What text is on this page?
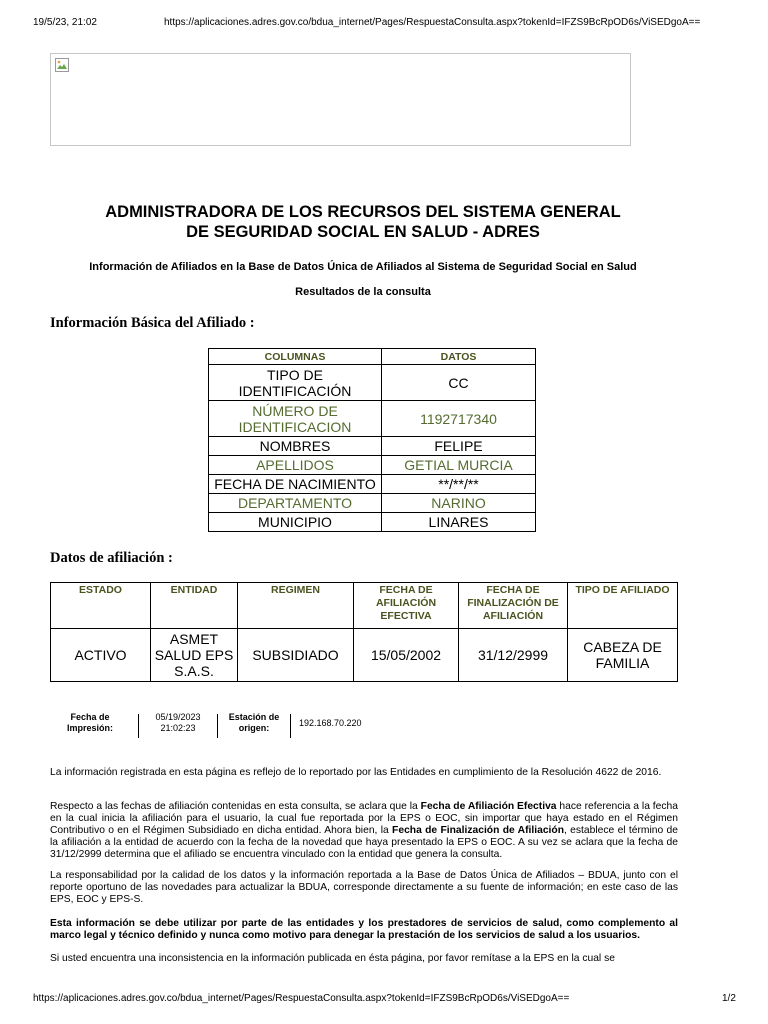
19/5/23, 21:02	https://aplicaciones.adres.gov.co/bdua_internet/Pages/RespuestaConsulta.aspx?tokenId=IFZS9BcRpOD6s/ViSEDgoA==
ADMINISTRADORA DE LOS RECURSOS DEL SISTEMA GENERAL
DE SEGURIDAD SOCIAL EN SALUD - ADRES
Información de Afiliados en la Base de Datos Única de Afiliados al Sistema de Seguridad Social en Salud
Resultados de la consulta
Información Básica del Afiliado :
COLUMNAS	DATOS
TIPO DE IDENTIFICACIÓN	CC
NÚMERO DE IDENTIFICACION	1192717340
NOMBRES	FELIPE
APELLIDOS	GETIAL MURCIA
FECHA DE NACIMIENTO	**/**/**
DEPARTAMENTO	NARINO
MUNICIPIO	LINARES
Datos de afiliación :
ESTADO	ENTIDAD	REGIMEN	FECHA DE AFILIACIÓN EFECTIVA	FECHA DE FINALIZACIÓN DE AFILIACIÓN	TIPO DE AFILIADO
ACTIVO	ASMET SALUD EPS S.A.S.	SUBSIDIADO	15/05/2002	31/12/2999	CABEZA DE FAMILIA
Fecha de Impresión:
05/19/2023 21:02:23
Estación de origen:	192.168.70.220

La información registrada en esta página es reflejo de lo reportado por las Entidades en cumplimiento de la Resolución 4622 de 2016.

Respecto a las fechas de afiliación contenidas en esta consulta, se aclara que la Fecha de Afiliación Efectiva hace referencia a la fecha en la cual inicia la afiliación para el usuario, la cual fue reportada por la EPS o EOC, sin importar que haya estado en el Régimen Contributivo o en el Régimen Subsidiado en dicha entidad. Ahora bien, la Fecha de Finalización de Afiliación, establece el término de la afiliación a la entidad de acuerdo con la fecha de la novedad que haya presentado la EPS o EOC. A su vez se aclara que la fecha de 31/12/2999 determina que el afiliado se encuentra vinculado con la entidad que genera la consulta.

La responsabilidad por la calidad de los datos y la información reportada a la Base de Datos Única de Afiliados – BDUA, junto con el reporte oportuno de las novedades para actualizar la BDUA, corresponde directamente a su fuente de información; en este caso de las EPS, EOC y EPS-S.

Esta información se debe utilizar por parte de las entidades y los prestadores de servicios de salud, como complemento al marco legal y técnico definido y nunca como motivo para denegar la prestación de los servicios de salud a los usuarios.

Si usted encuentra una inconsistencia en la información publicada en ésta página, por favor remítase a la EPS en la cual se

https://aplicaciones.adres.gov.co/bdua_internet/Pages/RespuestaConsulta.aspx?tokenId=IFZS9BcRpOD6s/ViSEDgoA==	1/2
